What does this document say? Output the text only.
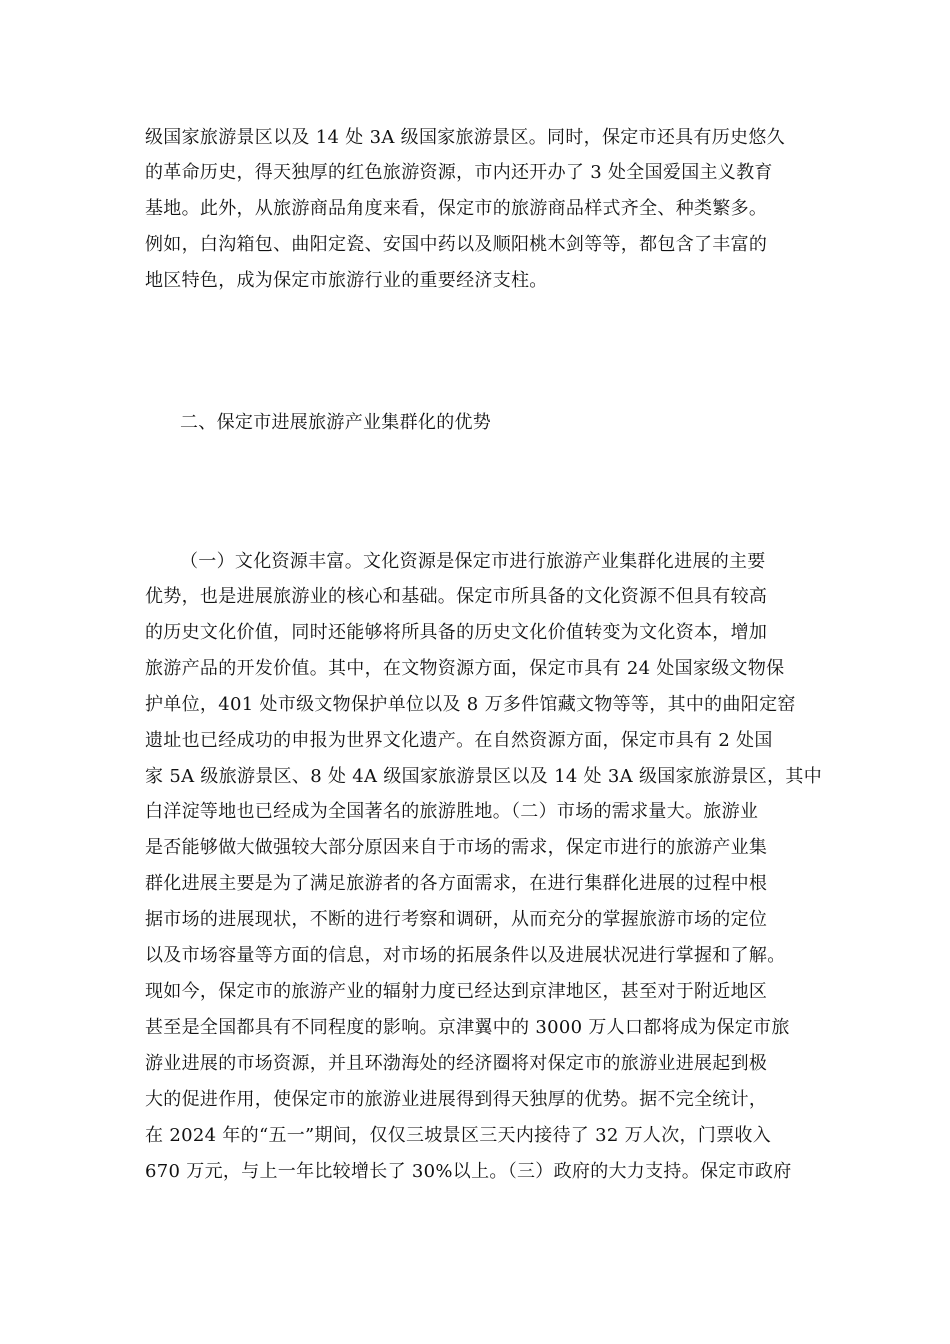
级国家旅游景区以及 14 处 3A 级国家旅游景区。同时，保定市还具有历史悠久
的革命历史，得天独厚的红色旅游资源，市内还开办了 3 处全国爱国主义教育
基地。此外，从旅游商品角度来看，保定市的旅游商品样式齐全、种类繁多。
例如，白沟箱包、曲阳定瓷、安国中药以及顺阳桃木剑等等，都包含了丰富的
地区特色，成为保定市旅游行业的重要经济支柱。
二、保定市进展旅游产业集群化的优势
（一）文化资源丰富。文化资源是保定市进行旅游产业集群化进展的主要
优势，也是进展旅游业的核心和基础。保定市所具备的文化资源不但具有较高
的历史文化价值，同时还能够将所具备的历史文化价值转变为文化资本，增加
旅游产品的开发价值。其中，在文物资源方面，保定市具有 24 处国家级文物保
护单位，401 处市级文物保护单位以及 8 万多件馆藏文物等等，其中的曲阳定窑
遗址也已经成功的申报为世界文化遗产。在自然资源方面，保定市具有 2 处国
家 5A 级旅游景区、8 处 4A 级国家旅游景区以及 14 处 3A 级国家旅游景区，其中
白洋淀等地也已经成为全国著名的旅游胜地。（二）市场的需求量大。旅游业
是否能够做大做强较大部分原因来自于市场的需求，保定市进行的旅游产业集
群化进展主要是为了满足旅游者的各方面需求，在进行集群化进展的过程中根
据市场的进展现状，不断的进行考察和调研，从而充分的掌握旅游市场的定位
以及市场容量等方面的信息，对市场的拓展条件以及进展状况进行掌握和了解。
现如今，保定市的旅游产业的辐射力度已经达到京津地区，甚至对于附近地区
甚至是全国都具有不同程度的影响。京津翼中的 3000 万人口都将成为保定市旅
游业进展的市场资源，并且环渤海处的经济圈将对保定市的旅游业进展起到极
大的促进作用，使保定市的旅游业进展得到得天独厚的优势。据不完全统计，
在 2024 年的“五一”期间，仅仅三坡景区三天内接待了 32 万人次，门票收入
670 万元，与上一年比较增长了 30%以上。（三）政府的大力支持。保定市政府
